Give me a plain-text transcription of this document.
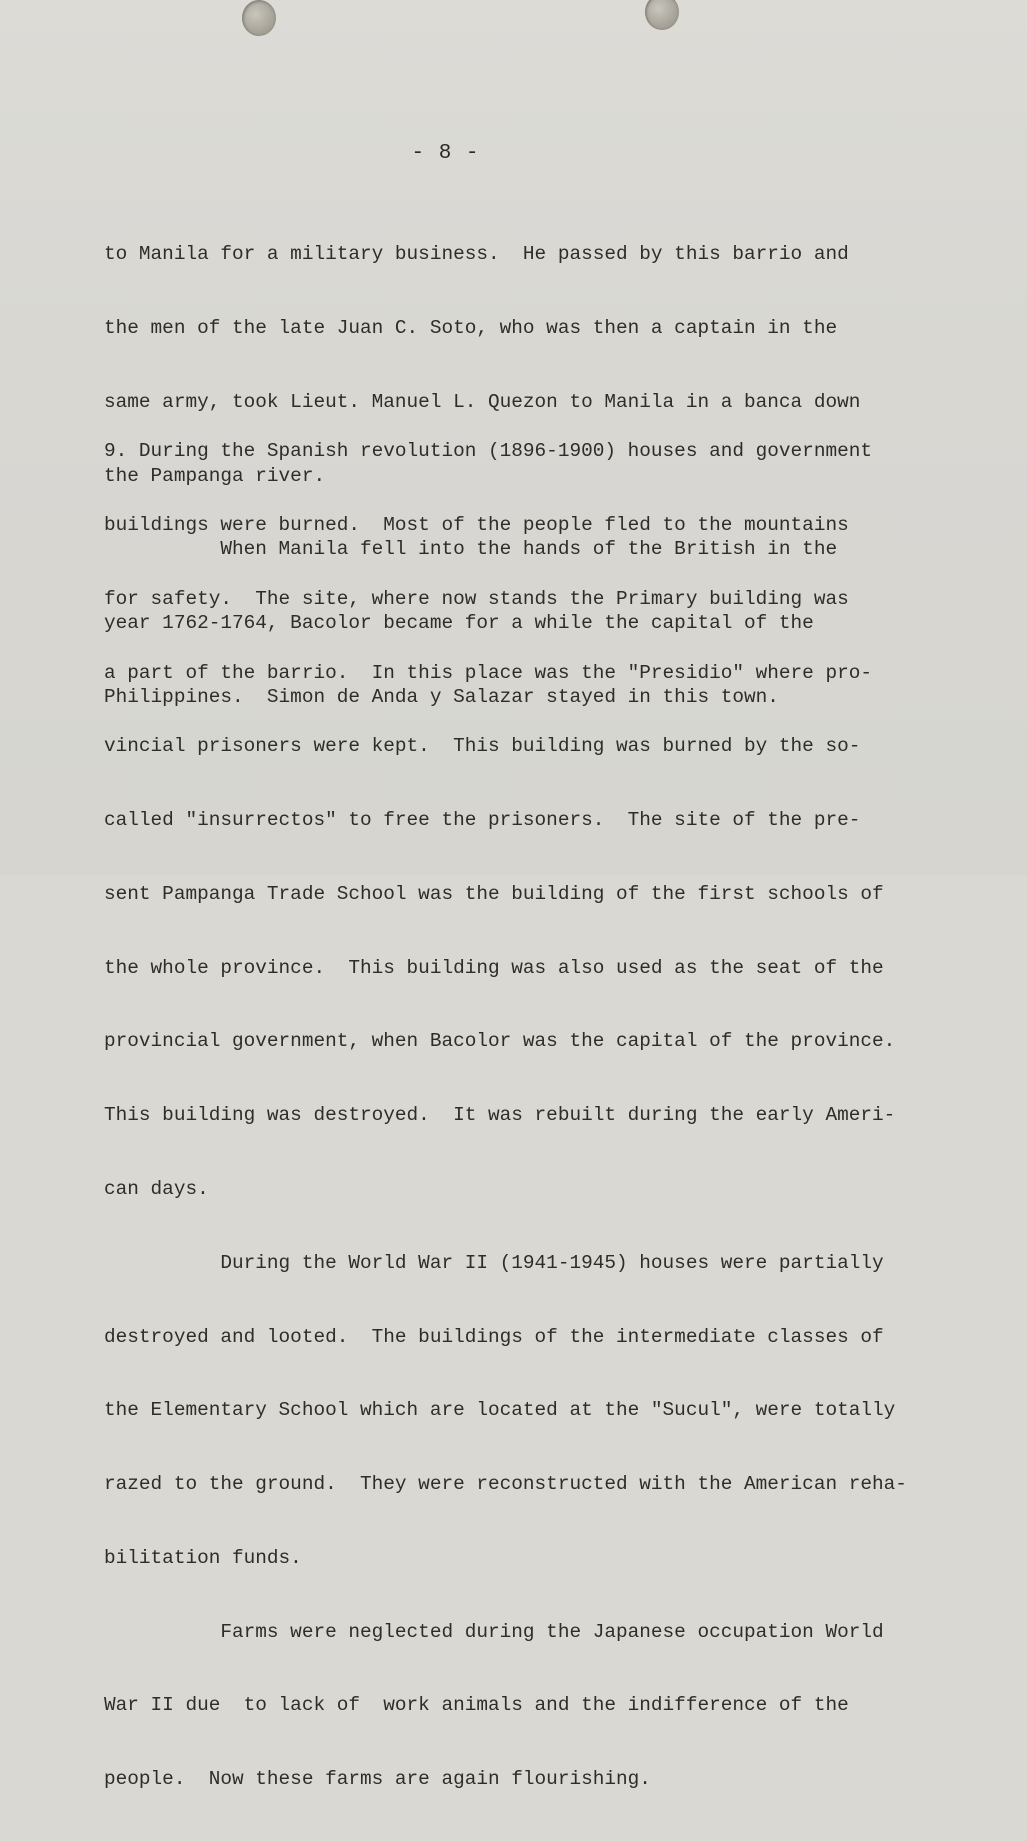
- 8 -

to Manila for a military business.  He passed by this barrio and

the men of the late Juan C. Soto, who was then a captain in the

same army, took Lieut. Manuel L. Quezon to Manila in a banca down

the Pampanga river.

When Manila fell into the hands of the British in the

year 1762-1764, Bacolor became for a while the capital of the

Philippines.  Simon de Anda y Salazar stayed in this town.

9. During the Spanish revolution (1896-1900) houses and government

buildings were burned.  Most of the people fled to the mountains

for safety.  The site, where now stands the Primary building was

a part of the barrio.  In this place was the "Presidio" where pro-

vincial prisoners were kept.  This building was burned by the so-

called "insurrectos" to free the prisoners.  The site of the pre-

sent Pampanga Trade School was the building of the first schools of

the whole province.  This building was also used as the seat of the

provincial government, when Bacolor was the capital of the province.

This building was destroyed.  It was rebuilt during the early Ameri-

can days.

During the World War II (1941-1945) houses were partially

destroyed and looted.  The buildings of the intermediate classes of

the Elementary School which are located at the "Sucul", were totally

razed to the ground.  They were reconstructed with the American reha-

bilitation funds.

Farms were neglected during the Japanese occupation World

War II due  to lack of  work animals and the indifference of the

people.  Now these farms are again flourishing.
